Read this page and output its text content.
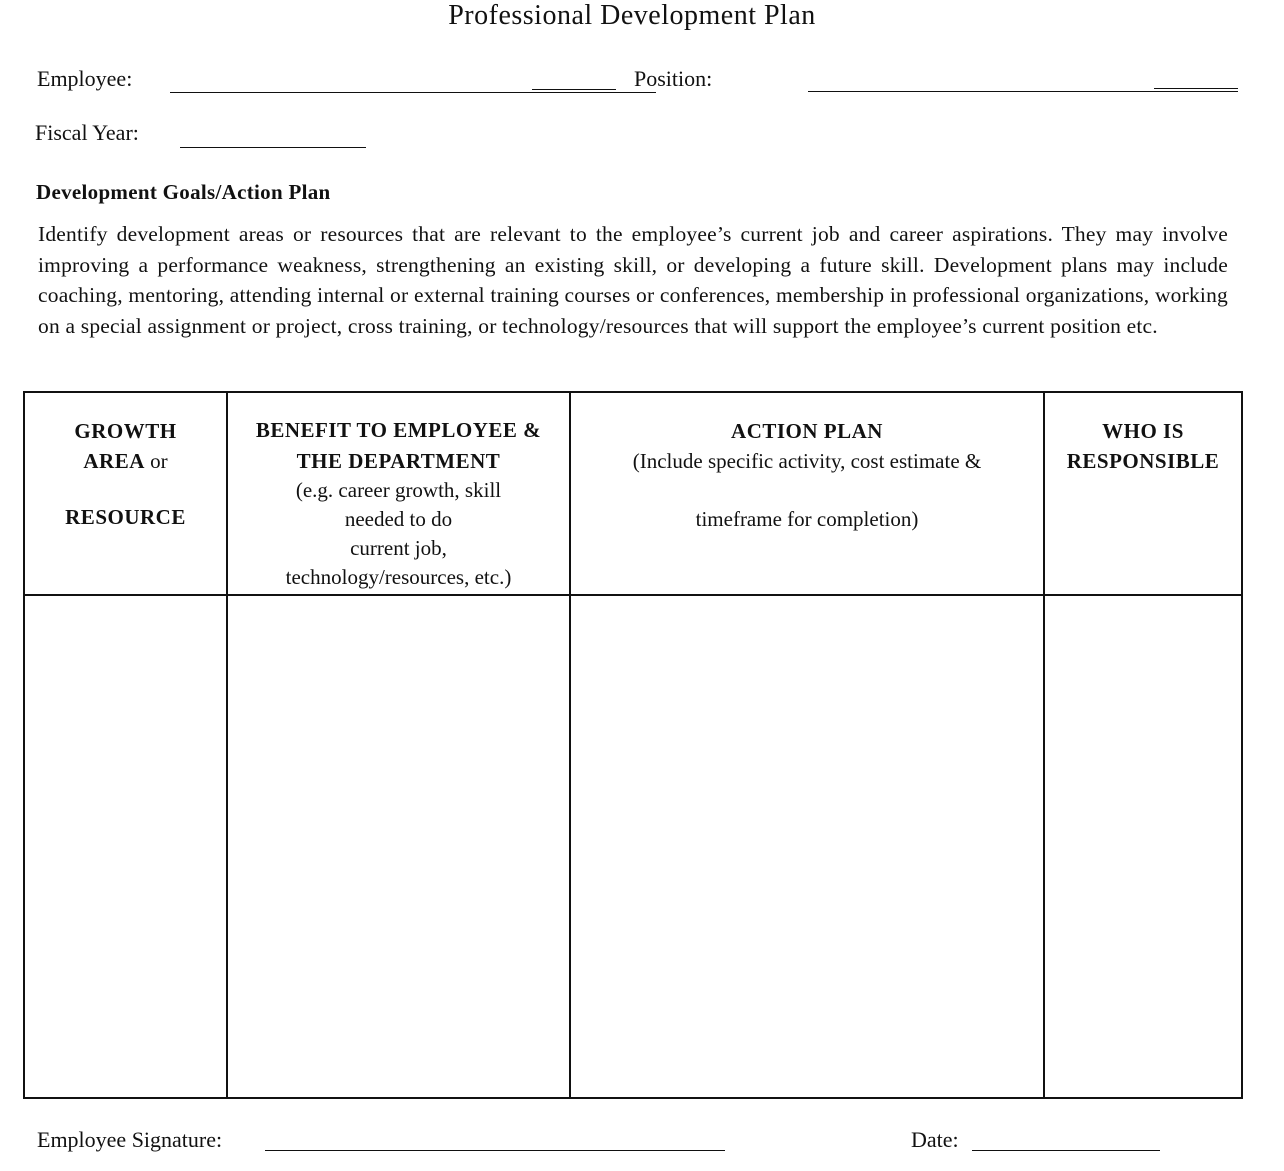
Professional Development Plan
Employee:	Position:
Fiscal Year:
Development Goals/Action Plan
Identify development areas or resources that are relevant to the employee’s current job and career aspirations. They may involve improving a performance weakness, strengthening an existing skill, or developing a future skill. Development plans may include coaching, mentoring, attending internal or external training courses or conferences, membership in professional organizations, working on a special assignment or project, cross training, or technology/resources that will support the employee’s current position etc.
GROWTH
AREA or
RESOURCE
BENEFIT TO EMPLOYEE &
THE DEPARTMENT
(e.g. career growth, skill
needed to do
current job,
technology/resources, etc.)
ACTION PLAN
(Include specific activity, cost estimate &
timeframe for completion)
WHO IS
RESPONSIBLE
Employee Signature:	Date:
